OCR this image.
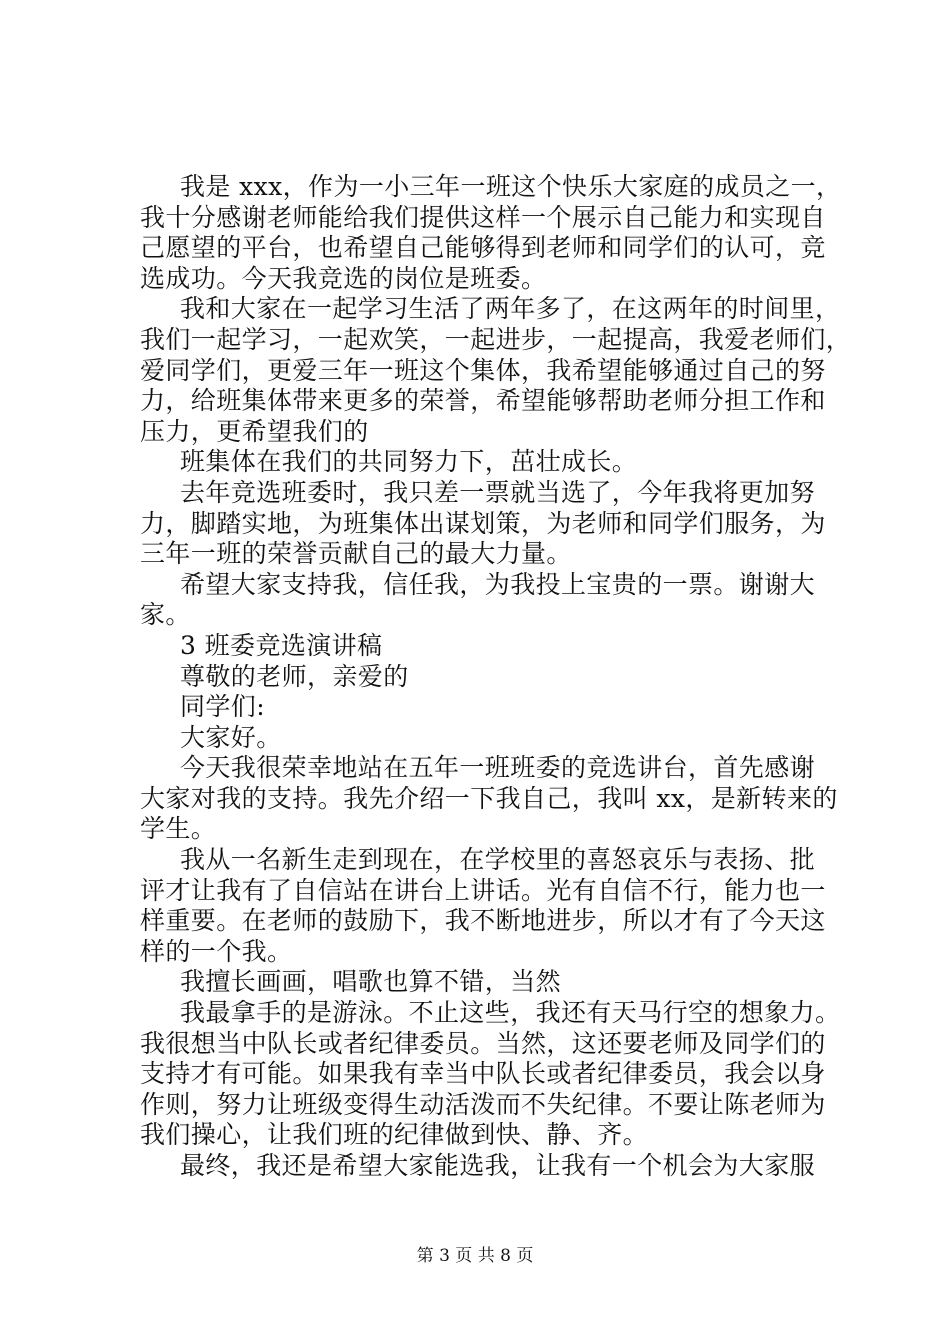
我是 xxx，作为一小三年一班这个快乐大家庭的成员之一，
我十分感谢老师能给我们提供这样一个展示自己能力和实现自
己愿望的平台，也希望自己能够得到老师和同学们的认可，竞
选成功。今天我竞选的岗位是班委。
我和大家在一起学习生活了两年多了，在这两年的时间里，
我们一起学习，一起欢笑，一起进步，一起提高，我爱老师们，
爱同学们，更爱三年一班这个集体，我希望能够通过自己的努
力，给班集体带来更多的荣誉，希望能够帮助老师分担工作和
压力，更希望我们的
班集体在我们的共同努力下，茁壮成长。
去年竞选班委时，我只差一票就当选了，今年我将更加努
力，脚踏实地，为班集体出谋划策，为老师和同学们服务，为
三年一班的荣誉贡献自己的最大力量。
希望大家支持我，信任我，为我投上宝贵的一票。谢谢大
家。
3 班委竞选演讲稿
尊敬的老师，亲爱的
同学们:
大家好。
今天我很荣幸地站在五年一班班委的竞选讲台，首先感谢
大家对我的支持。我先介绍一下我自己，我叫 xx，是新转来的
学生。
我从一名新生走到现在，在学校里的喜怒哀乐与表扬、批
评才让我有了自信站在讲台上讲话。光有自信不行，能力也一
样重要。在老师的鼓励下，我不断地进步，所以才有了今天这
样的一个我。
我擅长画画，唱歌也算不错，当然
我最拿手的是游泳。不止这些，我还有天马行空的想象力。
我很想当中队长或者纪律委员。当然，这还要老师及同学们的
支持才有可能。如果我有幸当中队长或者纪律委员，我会以身
作则，努力让班级变得生动活泼而不失纪律。不要让陈老师为
我们操心，让我们班的纪律做到快、静、齐。
最终，我还是希望大家能选我，让我有一个机会为大家服
第 3 页 共 8 页
